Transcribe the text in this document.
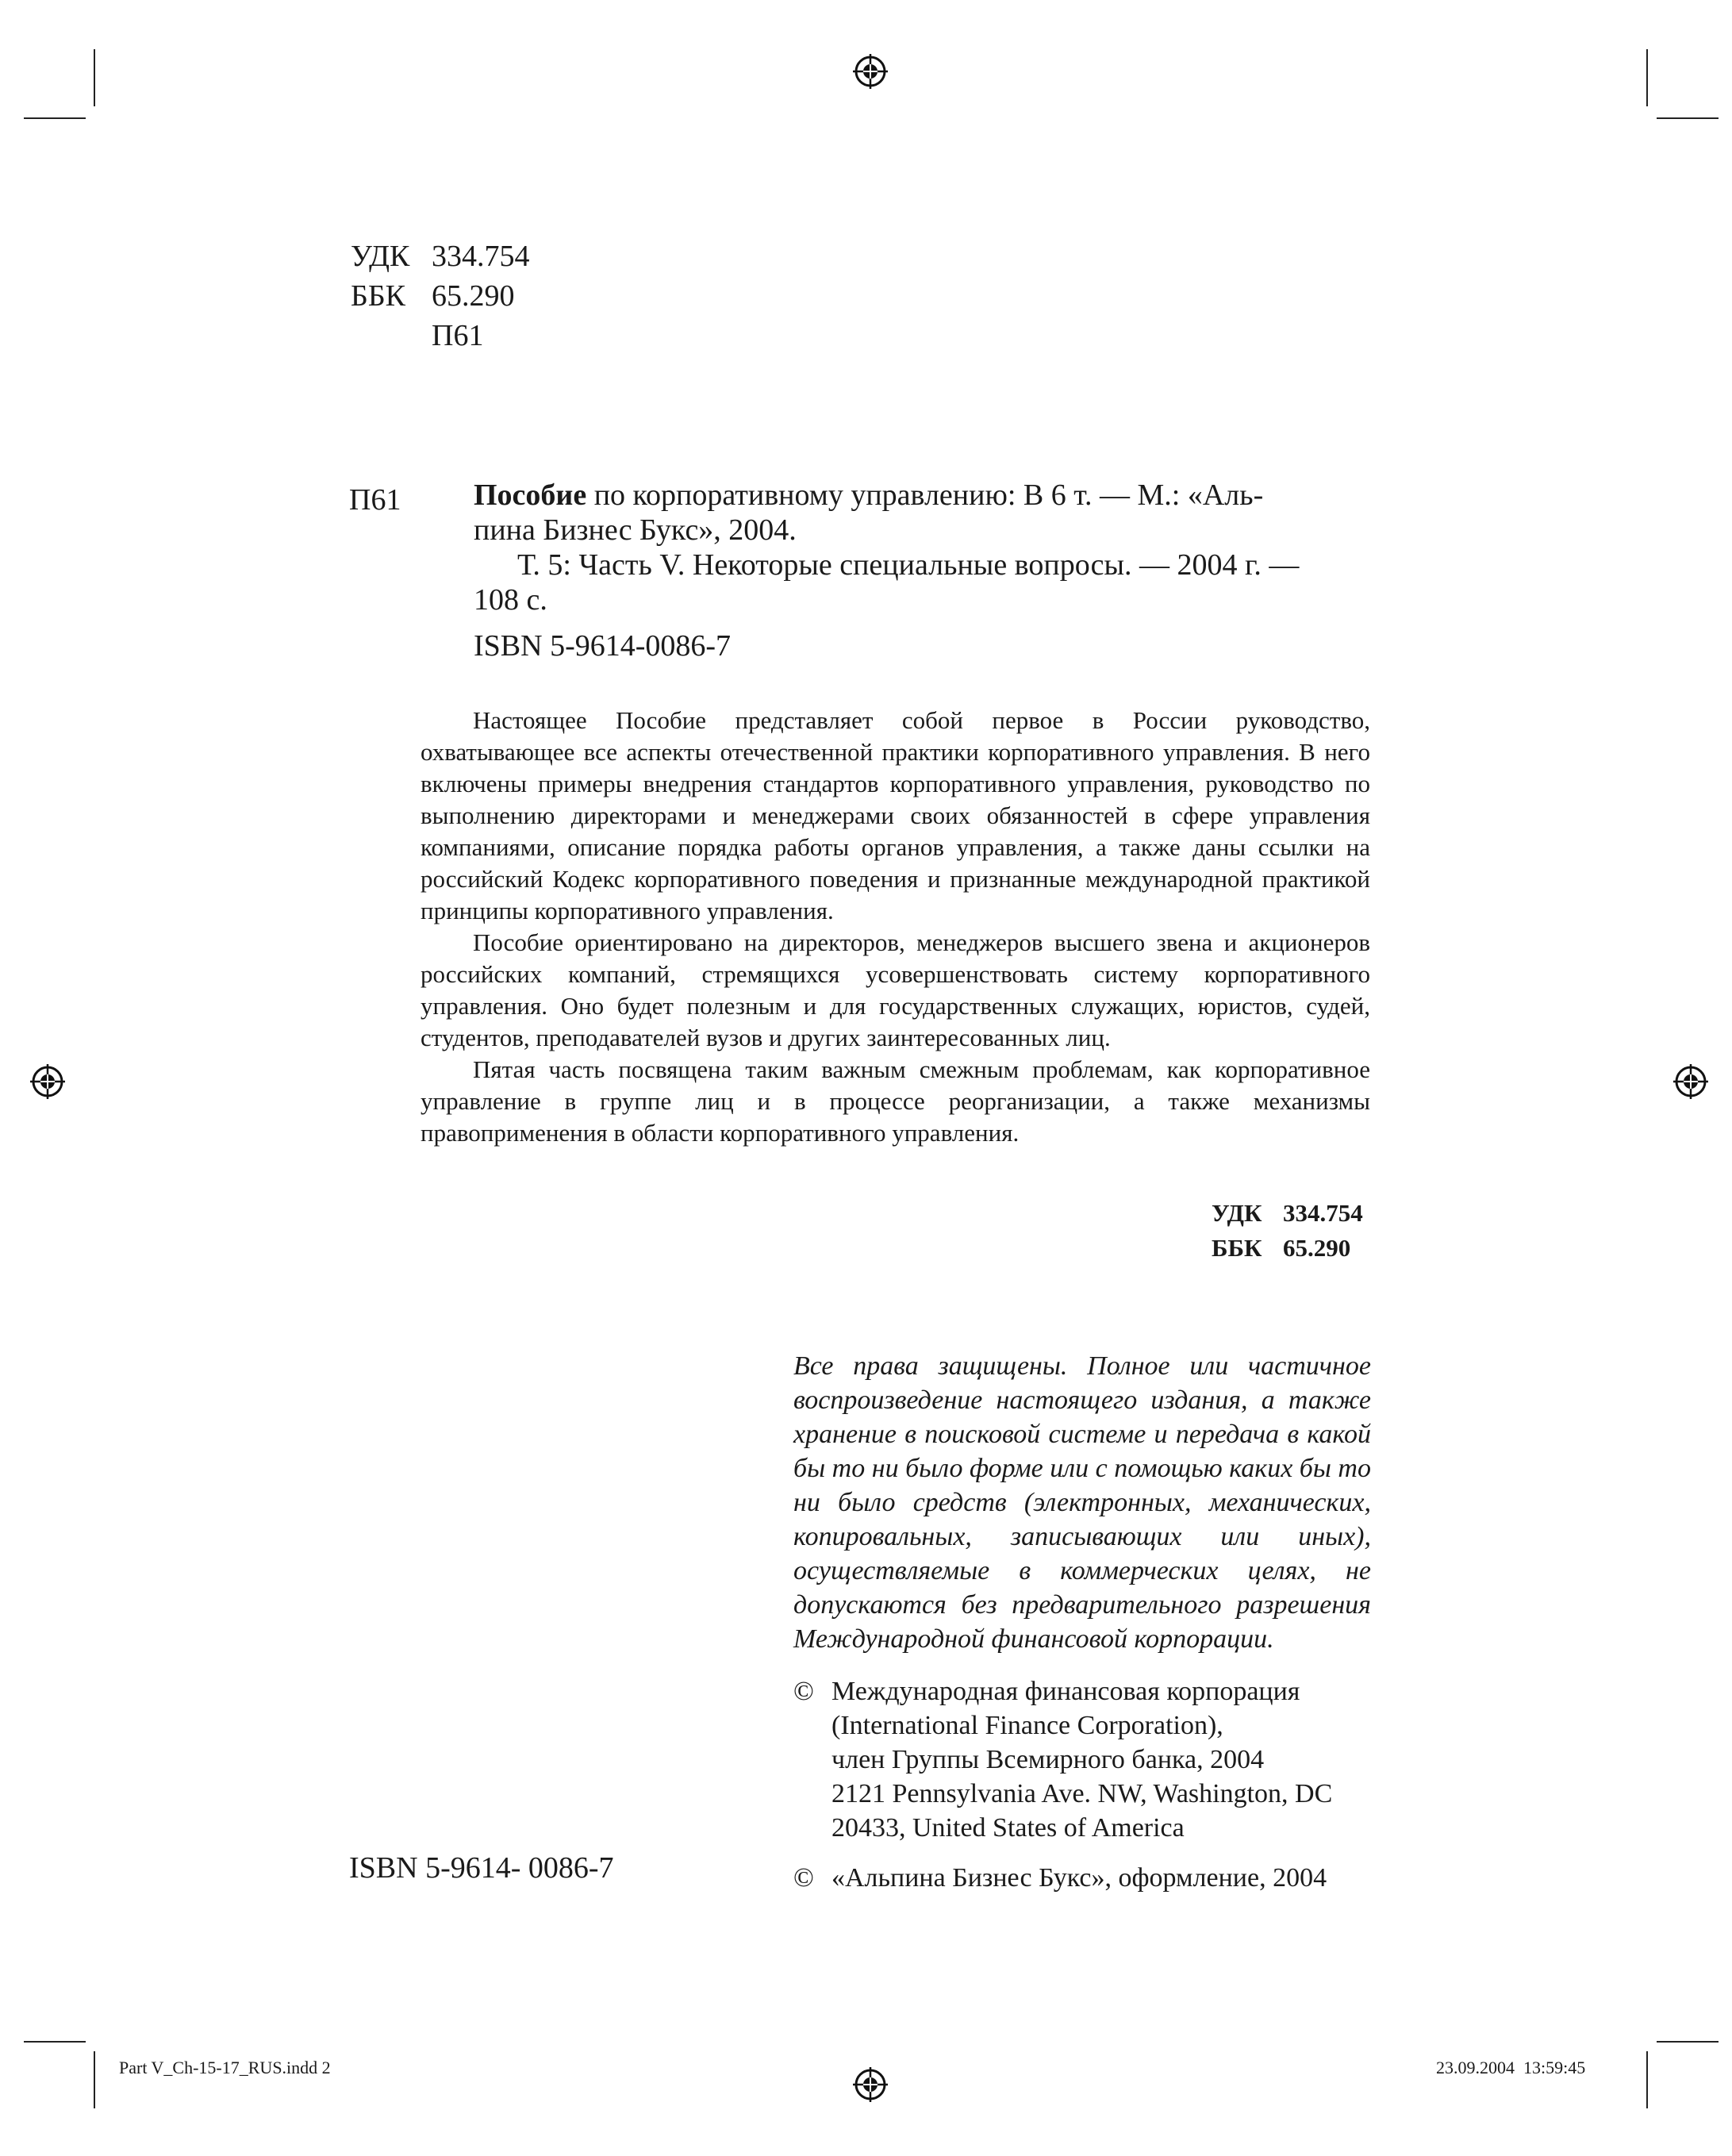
УДК 334.754
ББК 65.290
П61
П61 Пособие по корпоративному управлению: В 6 т. — М.: «Аль-

пина Бизнес Букс», 2004.

Т. 5: Часть V. Некоторые специальные вопросы. — 2004 г. —

108 с.

ISBN 5-9614-0086-7

Настоящее Пособие представляет собой первое в России руководство, охватывающее все аспекты отечественной практики корпоративного управления. В него включены примеры внедрения стандартов корпоративного управления, руководство по выполнению директорами и менеджерами своих обязанностей в сфере управления компаниями, описание порядка работы органов управления, а также даны ссылки на российский Кодекс корпоративного поведения и признанные международной практикой принципы корпоративного управления.

Пособие ориентировано на директоров, менеджеров высшего звена и акционеров российских компаний, стремящихся усовершенствовать систему корпоративного управления. Оно будет полезным и для государственных служащих, юристов, судей, студентов, преподавателей вузов и других заинтересованных лиц.

Пятая часть посвящена таким важным смежным проблемам, как корпоративное управление в группе лиц и в процессе реорганизации, а также механизмы правоприменения в области корпоративного управления.

УДК 334.754
ББК 65.290

Все права защищены. Полное или частичное воспроизведение настоящего издания, а также хранение в поисковой системе и передача в какой бы то ни было форме или с помощью каких бы то ни было средств (электронных, механических, копировальных, записывающих или иных), осуществляемые в коммерческих целях, не допускаются без предварительного разрешения Международной финансовой корпорации.

© Международная финансовая корпорация
(International Finance Corporation),
член Группы Всемирного банка, 2004
2121 Pennsylvania Ave. NW, Washington, DC
20433, United States of America
© «Альпина Бизнес Букс», оформление, 2004
ISBN 5-9614- 0086-7
Part V_Ch-15-17_RUS.indd 2	23.09.2004 13:59:45
